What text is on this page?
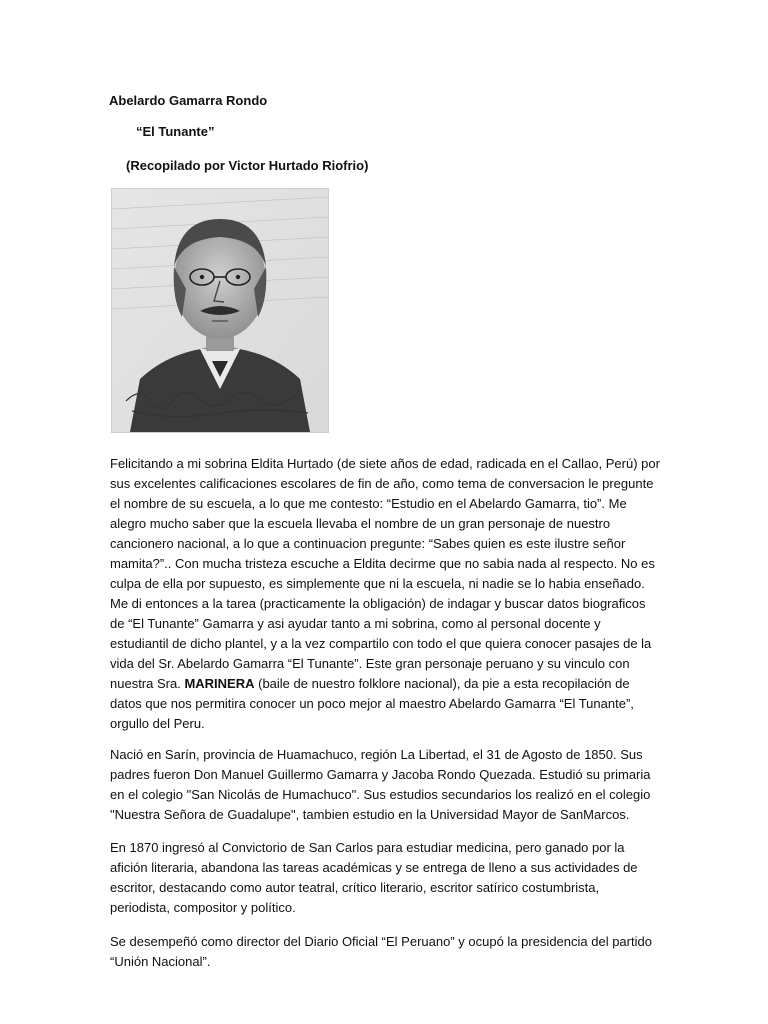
Abelardo Gamarra Rondo
“El Tunante”
(Recopilado por Victor Hurtado Riofrio)

Felicitando a mi sobrina Eldita Hurtado (de siete años de edad, radicada en el Callao, Perú) por sus excelentes calificaciones escolares de fin de año, como tema de conversacion le pregunte el nombre de su escuela, a lo que me contesto: “Estudio en el Abelardo Gamarra, tio”. Me alegro mucho saber que la escuela llevaba el nombre de un gran personaje de nuestro cancionero nacional, a lo que a continuacion pregunte: “Sabes quien es este ilustre señor mamita?”.. Con mucha tristeza escuche a Eldita decirme que no sabia nada al respecto. No es culpa de ella por supuesto, es simplemente que ni la escuela, ni nadie se lo habia enseñado. Me di entonces a la tarea (practicamente la obligación) de indagar y buscar datos biograficos de “El Tunante” Gamarra y asi ayudar tanto a mi sobrina, como al personal docente y estudiantil de dicho plantel, y a la vez compartilo con todo el que quiera conocer pasajes de la vida del Sr. Abelardo Gamarra “El Tunante”. Este gran personaje peruano y su vinculo con nuestra Sra. MARINERA (baile de nuestro folklore nacional), da pie a esta recopilación de datos que nos permitira conocer un poco mejor al maestro Abelardo Gamarra “El Tunante”, orgullo del Peru.

Nació en Sarín, provincia de Huamachuco, región La Libertad, el 31 de Agosto de 1850. Sus padres fueron Don Manuel Guillermo Gamarra y Jacoba Rondo Quezada. Estudió su primaria en el colegio "San Nicolás de Humachuco". Sus estudios secundarios los realizó en el colegio "Nuestra Señora de Guadalupe", tambien estudio en la Universidad Mayor de SanMarcos.

En 1870 ingresó al Convictorio de San Carlos para estudiar medicina, pero ganado por la afición literaria, abandona las tareas académicas y se entrega de lleno a sus actividades de escritor, destacando como autor teatral, crítico literario, escritor satírico costumbrista, periodista, compositor y político.

Se desempeñó como director del Diario Oficial “El Peruano” y ocupó la presidencia del partido “Unión Nacional”.
